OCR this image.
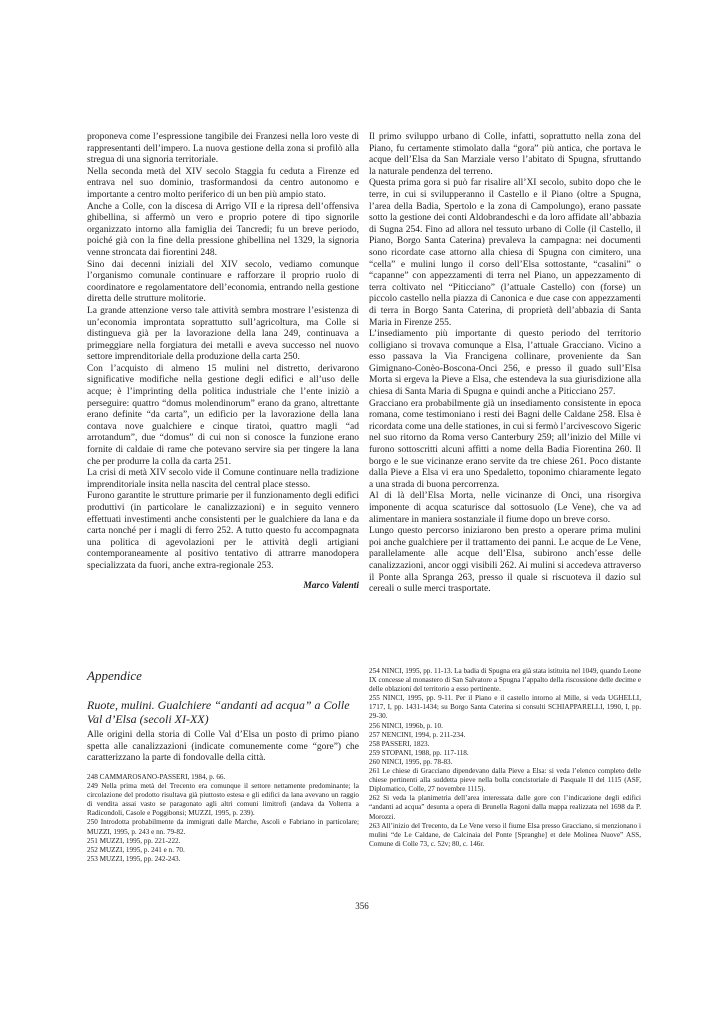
proponeva come l’espressione tangibile dei Franzesi nella loro veste di rappresentanti dell’impero. La nuova gestione della zona si profilò alla stregua di una signoria territoriale.

Nella seconda metà del XIV secolo Staggia fu ceduta a Firenze ed entrava nel suo dominio, trasformandosi da centro autonomo e importante a centro molto periferico di un ben più ampio stato.

Anche a Colle, con la discesa di Arrigo VII e la ripresa dell’offensiva ghibellina, si affermò un vero e proprio potere di tipo signorile organizzato intorno alla famiglia dei Tancredi; fu un breve periodo, poiché già con la fine della pressione ghibellina nel 1329, la signoria venne stroncata dai fiorentini 248.

Sino dai decenni iniziali del XIV secolo, vediamo comunque l’organismo comunale continuare e rafforzare il proprio ruolo di coordinatore e regolamentatore dell’economia, entrando nella gestione diretta delle strutture molitorie.

La grande attenzione verso tale attività sembra mostrare l’esistenza di un’economia improntata soprattutto sull’agricoltura, ma Colle si distingueva già per la lavorazione della lana 249, continuava a primeggiare nella forgiatura dei metalli e aveva successo nel nuovo settore imprenditoriale della produzione della carta 250.

Con l’acquisto di almeno 15 mulini nel distretto, derivarono significative modifiche nella gestione degli edifici e all’uso delle acque; è l’imprinting della politica industriale che l’ente iniziò a perseguire: quattro “domus molendinorum” erano da grano, altrettante erano definite “da carta”, un edificio per la lavorazione della lana contava nove gualchiere e cinque tiratoi, quattro magli “ad arrotandum”, due “domus” di cui non si conosce la funzione erano fornite di caldaie di rame che potevano servire sia per tingere la lana che per produrre la colla da carta 251.

La crisi di metà XIV secolo vide il Comune continuare nella tradizione imprenditoriale insita nella nascita del central place stesso.

Furono garantite le strutture primarie per il funzionamento degli edifici produttivi (in particolare le canalizzazioni) e in seguito vennero effettuati investimenti anche consistenti per le gualchiere da lana e da carta nonché per i magli di ferro 252. A tutto questo fu accompagnata una politica di agevolazioni per le attività degli artigiani contemporaneamente al positivo tentativo di attrarre manodopera specializzata da fuori, anche extra-regionale 253.

Marco Valenti

Il primo sviluppo urbano di Colle, infatti, soprattutto nella zona del Piano, fu certamente stimolato dalla “gora” più antica, che portava le acque dell’Elsa da San Marziale verso l’abitato di Spugna, sfruttando la naturale pendenza del terreno.

Questa prima gora si può far risalire all’XI secolo, subito dopo che le terre, in cui si svilupperanno il Castello e il Piano (oltre a Spugna, l’area della Badia, Spertolo e la zona di Campolungo), erano passate sotto la gestione dei conti Aldobrandeschi e da loro affidate all’abbazia di Sugna 254. Fino ad allora nel tessuto urbano di Colle (il Castello, il Piano, Borgo Santa Caterina) prevaleva la campagna: nei documenti sono ricordate case attorno alla chiesa di Spugna con cimitero, una “cella” e mulini lungo il corso dell’Elsa sottostante, “casalini” o “capanne” con appezzamenti di terra nel Piano, un appezzamento di terra coltivato nel “Piticciano” (l’attuale Castello) con (forse) un piccolo castello nella piazza di Canonica e due case con appezzamenti di terra in Borgo Santa Caterina, di proprietà dell’abbazia di Santa Maria in Firenze 255.

L’insediamento più importante di questo periodo del territorio colligiano si trovava comunque a Elsa, l’attuale Gracciano. Vicino a esso passava la Via Francigena collinare, proveniente da San Gimignano-Conèo-Boscona-Onci 256, e presso il guado sull’Elsa Morta si ergeva la Pieve a Elsa, che estendeva la sua giurisdizione alla chiesa di Santa Maria di Spugna e quindi anche a Piticciano 257.

Gracciano era probabilmente già un insediamento consistente in epoca romana, come testimoniano i resti dei Bagni delle Caldane 258. Elsa è ricordata come una delle stationes, in cui si fermò l’arcivescovo Sigeric nel suo ritorno da Roma verso Canterbury 259; all’inizio del Mille vi furono sottoscritti alcuni affitti a nome della Badia Fiorentina 260. Il borgo e le sue vicinanze erano servite da tre chiese 261. Poco distante dalla Pieve a Elsa vi era uno Spedaletto, toponimo chiaramente legato a una strada di buona percorrenza.

Al di là dell’Elsa Morta, nelle vicinanze di Onci, una risorgiva imponente di acqua scaturisce dal sottosuolo (Le Vene), che va ad alimentare in maniera sostanziale il fiume dopo un breve corso.

Lungo questo percorso iniziarono ben presto a operare prima mulini poi anche gualchiere per il trattamento dei panni. Le acque de Le Vene, parallelamente alle acque dell’Elsa, subirono anch’esse delle canalizzazioni, ancor oggi visibili 262. Ai mulini si accedeva attraverso il Ponte alla Spranga 263, presso il quale si riscuoteva il dazio sul cereali o sulle merci trasportate.

Appendice
Ruote, mulini. Gualchiere “andanti ad acqua” a Colle Val d’Elsa (secoli XI-XX)

Alle origini della storia di Colle Val d’Elsa un posto di primo piano spetta alle canalizzazioni (indicate comunemente come “gore”) che caratterizzano la parte di fondovalle della città.

248 CAMMAROSANO-PASSERI, 1984, p. 66.
249 Nella prima metà del Trecento era comunque il settore nettamente predominante; la circolazione del prodotto risultava già piuttosto estesa e gli edifici da lana avevano un raggio di vendita assai vasto se paragonato agli altri comuni limitrofi (andava da Volterra a Radicondoli, Casole e Poggibonsi; MUZZI, 1995, p. 239).
250 Introdotta probabilmente da immigrati dalle Marche, Ascoli e Fabriano in particolare; MUZZI, 1995, p. 243 e nn. 79-82.
251 MUZZI, 1995, pp. 221-222.
252 MUZZI, 1995, p. 241 e n. 70.
253 MUZZI, 1995, pp. 242-243.
254 NINCI, 1995, pp. 11-13. La badia di Spugna era già stata istituita nel 1049, quando Leone IX concesse al monastero di San Salvatore a Spugna l’appalto della riscossione delle decime e delle oblazioni del territorio a esso pertinente.
255 NINCI, 1995, pp. 9-11. Per il Piano e il castello intorno al Mille, si veda UGHELLI, 1717, I, pp. 1431-1434; su Borgo Santa Caterina si consulti SCHIAPPARELLI, 1990, I, pp. 29-30.
256 NINCI, 1996b, p. 10.
257 NENCINI, 1994, p. 211-234.
258 PASSERI, 1823.
259 STOPANI, 1988, pp. 117-118.
260 NINCI, 1995, pp. 78-83.
261 Le chiese di Gracciano dipendevano dalla Pieve a Elsa: si veda l’elenco completo delle chiese pertinenti alla suddetta pieve nella bolla concistoriale di Pasquale II del 1115 (ASF, Diplomatico, Colle, 27 novembre 1115).
262 Si veda la planimetria dell’area interessata dalle gore con l’indicazione degli edifici “andanti ad acqua” desunta a opera di Brunella Ragoni dalla mappa realizzata nel 1698 da P. Morozzi.
263 All’inizio del Trecento, da Le Vene verso il fiume Elsa presso Gracciano, si menzionano i mulini “de Le Caldane, de Calcinaia del Ponte [Spranghe] et dele Molinea Nuove” ASS, Comune di Colle 73, c. 52v; 80, c. 146r.
356
